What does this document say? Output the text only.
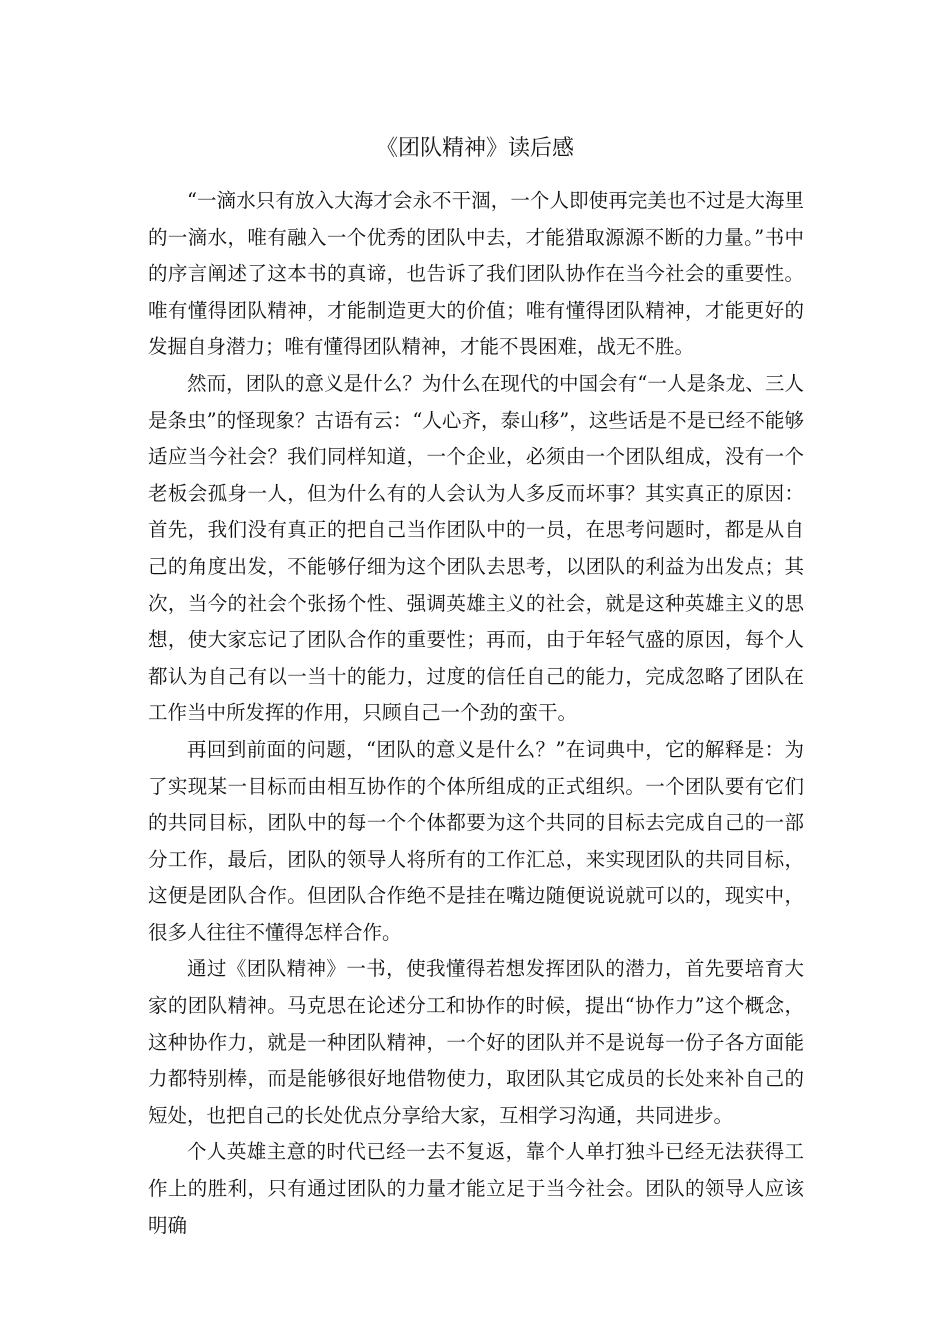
《团队精神》读后感

“一滴水只有放入大海才会永不干涸，一个人即使再完美也不过是大海里的一滴水，唯有融入一个优秀的团队中去，才能猎取源源不断的力量。”书中的序言阐述了这本书的真谛，也告诉了我们团队协作在当今社会的重要性。唯有懂得团队精神，才能制造更大的价值；唯有懂得团队精神，才能更好的发掘自身潜力；唯有懂得团队精神，才能不畏困难，战无不胜。

然而，团队的意义是什么？为什么在现代的中国会有“一人是条龙、三人是条虫”的怪现象？古语有云：“人心齐，泰山移”，这些话是不是已经不能够适应当今社会？我们同样知道，一个企业，必须由一个团队组成，没有一个老板会孤身一人，但为什么有的人会认为人多反而坏事？其实真正的原因：首先，我们没有真正的把自己当作团队中的一员，在思考问题时，都是从自己的角度出发，不能够仔细为这个团队去思考，以团队的利益为出发点；其次，当今的社会个张扬个性、强调英雄主义的社会，就是这种英雄主义的思想，使大家忘记了团队合作的重要性；再而，由于年轻气盛的原因，每个人都认为自己有以一当十的能力，过度的信任自己的能力，完成忽略了团队在工作当中所发挥的作用，只顾自己一个劲的蛮干。

再回到前面的问题，“团队的意义是什么？”在词典中，它的解释是：为了实现某一目标而由相互协作的个体所组成的正式组织。一个团队要有它们的共同目标，团队中的每一个个体都要为这个共同的目标去完成自己的一部分工作，最后，团队的领导人将所有的工作汇总，来实现团队的共同目标，这便是团队合作。但团队合作绝不是挂在嘴边随便说说就可以的，现实中，很多人往往不懂得怎样合作。

通过《团队精神》一书，使我懂得若想发挥团队的潜力，首先要培育大家的团队精神。马克思在论述分工和协作的时候，提出“协作力”这个概念，这种协作力，就是一种团队精神，一个好的团队并不是说每一份子各方面能力都特别棒，而是能够很好地借物使力，取团队其它成员的长处来补自己的短处，也把自己的长处优点分享给大家，互相学习沟通，共同进步。

个人英雄主意的时代已经一去不复返，靠个人单打独斗已经无法获得工作上的胜利，只有通过团队的力量才能立足于当今社会。团队的领导人应该明确
